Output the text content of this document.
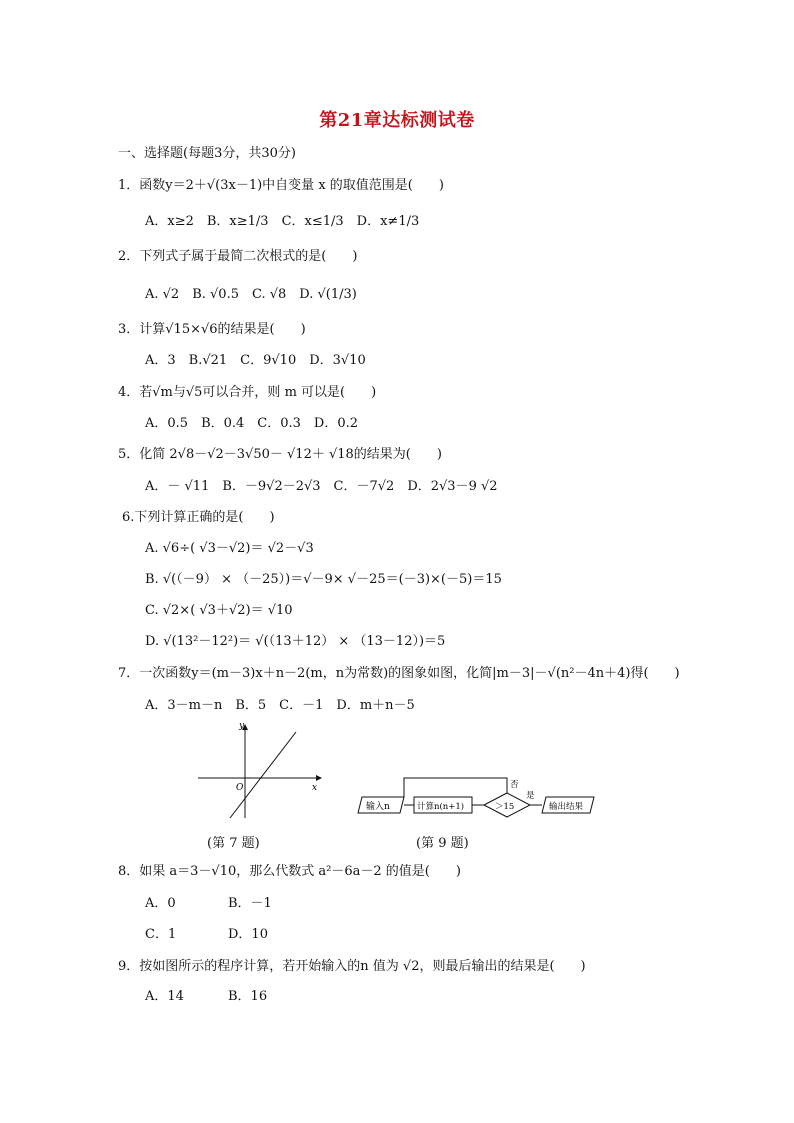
第21章达标测试卷
一、选择题(每题3分，共30分)
1．函数y＝2＋√(3x－1)中自变量 x 的取值范围是(　　)
A．x≥2　B．x≥1/3　C．x≤1/3　D．x≠1/3
2．下列式子属于最简二次根式的是(　　)
A. √2　B. √0.5　C. √8　D. √(1/3)
3．计算√15×√6的结果是(　　)
A．3　B.√21　C．9√10　D．3√10
4．若√m与√5可以合并，则 m 可以是(　　)
A．0.5　B．0.4　C．0.3　D．0.2
5．化简 2√8－√2－3√50－ √12＋ √18的结果为(　　)
A．－ √11　B．－9√2－2√3　C．－7√2　D．2√3－9 √2
6.下列计算正确的是(　　)
A. √6÷( √3－√2)＝ √2－√3
B. √(（－9） × （－25）)＝√－9× √－25＝(－3)×(－5)＝15
C. √2×( √3＋√2)＝ √10
D. √(13²－12²)＝ √(（13＋12） × （13－12）)＝5
7．一次函数y＝(m－3)x＋n－2(m，n为常数)的图象如图，化简|m－3|－√(n²－4n＋4)得(　　)
A．3－m－n　B．5　C．－1　D．m＋n－5
y
x
O
(第 7 题)
输入n	计算n(n+1)	＞15
否
是
输出结果
(第 9 题)
8．如果 a＝3－√10，那么代数式 a²－6a－2 的值是(　　)
A．0	B．－1
C．1	D．10
9．按如图所示的程序计算，若开始输入的n 值为 √2，则最后输出的结果是(　　)
A．14	B．16
